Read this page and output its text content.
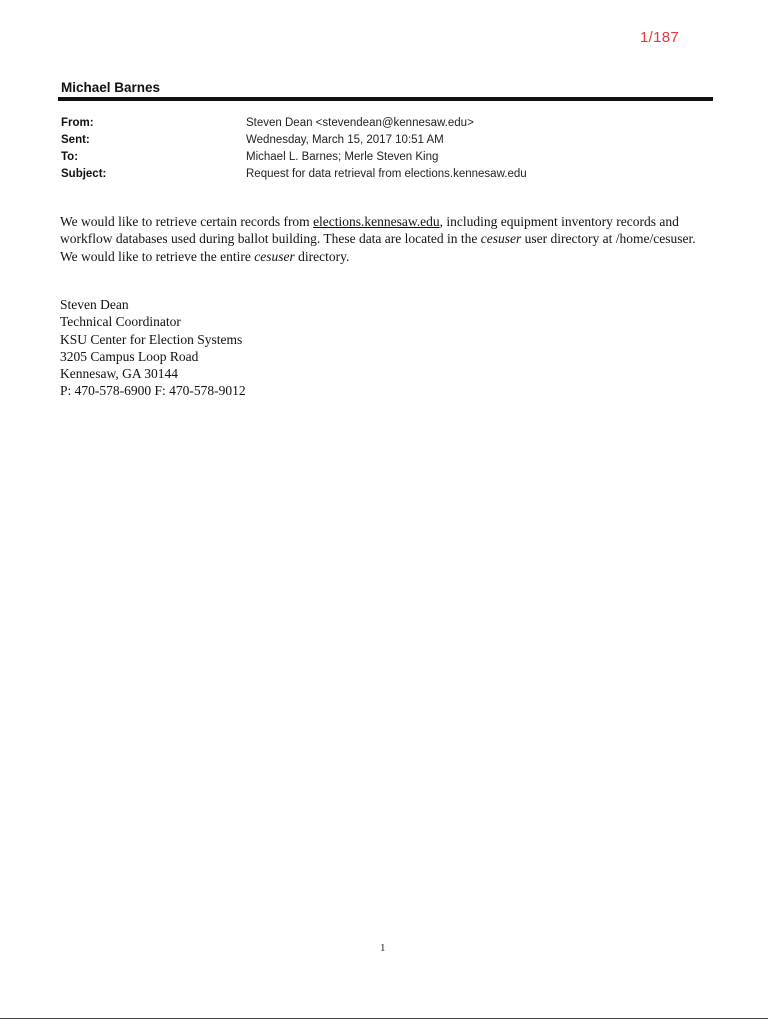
1/187
Michael Barnes
From:	Steven Dean <stevendean@kennesaw.edu>
Sent:	Wednesday, March 15, 2017 10:51 AM
To:	Michael L. Barnes; Merle Steven King
Subject:	Request for data retrieval from elections.kennesaw.edu
We would like to retrieve certain records from elections.kennesaw.edu, including equipment inventory records and workflow databases used during ballot building. These data are located in the cesuser user directory at /home/cesuser. We would like to retrieve the entire cesuser directory.
Steven Dean
Technical Coordinator
KSU Center for Election Systems
3205 Campus Loop Road
Kennesaw, GA 30144
P: 470-578-6900 F: 470-578-9012
1
